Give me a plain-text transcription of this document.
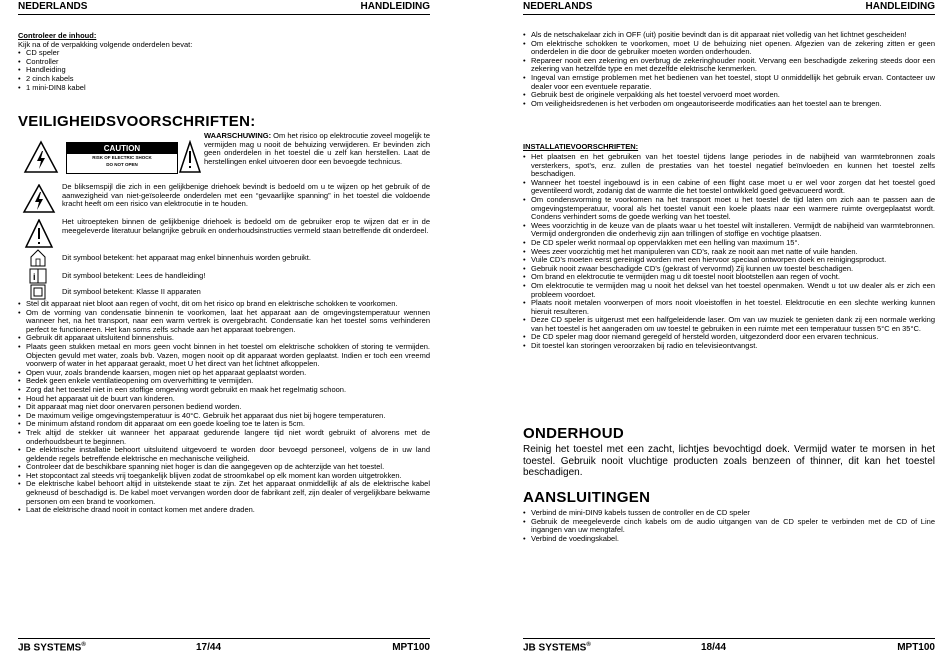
NEDERLANDS	HANDLEIDING
Controleer de inhoud:
Kijk na of de verpakking volgende onderdelen bevat:
• CD speler
• Controller
• Handleiding
• 2 cinch kabels
• 1 mini-DIN8 kabel
VEILIGHEIDSVOORSCHRIFTEN:
CAUTION
RISK OF ELECTRIC SHOCK
DO NOT OPEN
WAARSCHUWING: Om het risico op elektrocutie zoveel mogelijk te vermijden mag u nooit de behuizing verwijderen. Er bevinden zich geen onderdelen in het toestel die u zelf kan herstellen. Laat de herstellingen enkel uitvoeren door een bevoegde technicus.
De bliksemspijl die zich in een gelijkbenige driehoek bevindt is bedoeld om u te wijzen op het gebruik of de aanwezigheid van niet-geïsoleerde onderdelen met een “gevaarlijke spanning” in het toestel die voldoende kracht heeft om een risico van elektrocutie in te houden.
Het uitroepteken binnen de gelijkbenige driehoek is bedoeld om de gebruiker erop te wijzen dat er in de meegeleverde literatuur belangrijke gebruik en onderhoudsinstructies vermeld staan betreffende dit onderdeel.
Dit symbool betekent: het apparaat mag enkel binnenhuis worden gebruikt.
i	Dit symbool betekent: Lees de handleiding!
Dit symbool betekent: Klasse II apparaten
• Stel dit apparaat niet bloot aan regen of vocht, dit om het risico op brand en elektrische schokken te voorkomen.
• Om de vorming van condensatie binnenin te voorkomen, laat het apparaat aan de omgevingstemperatuur wennen wanneer het, na het transport, naar een warm vertrek is overgebracht. Condensatie kan het toestel soms verhinderen perfect te functioneren. Het kan soms zelfs schade aan het apparaat toebrengen.
• Gebruik dit apparaat uitsluitend binnenshuis.
• Plaats geen stukken metaal en mors geen vocht binnen in het toestel om elektrische schokken of storing te vermijden. Objecten gevuld met water, zoals bvb. Vazen, mogen nooit op dit apparaat worden geplaatst. Indien er toch een vreemd voorwerp of water in het apparaat geraakt, moet U het direct van het lichtnet afkoppelen.
• Open vuur, zoals brandende kaarsen, mogen niet op het apparaat geplaatst worden.
• Bedek geen enkele ventilatieopening om oververhitting te vermijden.
• Zorg dat het toestel niet in een stoffige omgeving wordt gebruikt en maak het regelmatig schoon.
• Houd het apparaat uit de buurt van kinderen.
• Dit apparaat mag niet door onervaren personen bediend worden.
• De maximum veilige omgevingstemperatuur is 40°C. Gebruik het apparaat dus niet bij hogere temperaturen.
• De minimum afstand rondom dit apparaat om een goede koeling toe te laten is 5cm.
• Trek altijd de stekker uit wanneer het apparaat gedurende langere tijd niet wordt gebruikt of alvorens met de onderhoudsbeurt te beginnen.
• De elektrische installatie behoort uitsluitend uitgevoerd te worden door bevoegd personeel, volgens de in uw land geldende regels betreffende elektrische en mechanische veiligheid.
• Controleer dat de beschikbare spanning niet hoger is dan die aangegeven op de achterzijde van het toestel.
• Het stopcontact zal steeds vrij toegankelijk blijven zodat de stroomkabel op elk moment kan worden uitgetrokken.
• De elektrische kabel behoort altijd in uitstekende staat te zijn. Zet het apparaat onmiddellijk af als de elektrische kabel gekneusd of beschadigd is. De kabel moet vervangen worden door de fabrikant zelf, zijn dealer of vergelijkbare bekwame personen om een brand te voorkomen.
• Laat de elektrische draad nooit in contact komen met andere draden.
JB SYSTEMS®	17/44	MPT100
NEDERLANDS	HANDLEIDING
• Als de netschakelaar zich in OFF (uit) positie bevindt dan is dit apparaat niet volledig van het lichtnet gescheiden!
• Om elektrische schokken te voorkomen, moet U de behuizing niet openen. Afgezien van de zekering zitten er geen onderdelen in die door de gebruiker moeten worden onderhouden.
• Repareer nooit een zekering en overbrug de zekeringhouder nooit. Vervang een beschadigde zekering steeds door een zekering van hetzelfde type en met dezelfde elektrische kenmerken.
• Ingeval van ernstige problemen met het bedienen van het toestel, stopt U onmiddellijk het gebruik ervan. Contacteer uw dealer voor een eventuele reparatie.
• Gebruik best de originele verpakking als het toestel vervoerd moet worden.
• Om veiligheidsredenen is het verboden om ongeautoriseerde modificaties aan het toestel aan te brengen.
INSTALLATIEVOORSCHRIFTEN:
• Het plaatsen en het gebruiken van het toestel tijdens lange periodes in de nabijheid van warmtebronnen zoals versterkers, spot’s, enz. zullen de prestaties van het toestel negatief beïnvloeden en kunnen het toestel zelfs beschadigen.
• Wanneer het toestel ingebouwd is in een cabine of een flight case moet u er wel voor zorgen dat het toestel goed geventileerd wordt, zodanig dat de warmte die het toestel ontwikkeld goed geëvacueerd wordt.
• Om condensvorming te voorkomen na het transport moet u het toestel de tijd laten om zich aan te passen aan de omgevingstemperatuur, vooral als het toestel vanuit een koele plaats naar een warmere ruimte overgeplaatst wordt. Condens verhindert soms de goede werking van het toestel.
• Wees voorzichtig in de keuze van de plaats waar u het toestel wilt installeren. Vermijdt de nabijheid van warmtebronnen. Vermijd ondergronden die onderhevig zijn aan trillingen of stoffige en vochtige plaatsen.
• De CD speler werkt normaal op oppervlakken met een helling van maximum 15°.
• Wees zeer voorzichtig met het manipuleren van CD’s, raak ze nooit aan met natte of vuile handen.
• Vuile CD’s moeten eerst gereinigd worden met een hiervoor speciaal ontworpen doek en reinigingsproduct.
• Gebruik nooit zwaar beschadigde CD’s (gekrast of vervormd) Zij kunnen uw toestel beschadigen.
• Om brand en elektrocutie te vermijden mag u dit toestel nooit blootstellen aan regen of vocht.
• Om elektrocutie te vermijden mag u nooit het deksel van het toestel openmaken. Wendt u tot uw dealer als er zich een probleem voordoet.
• Plaats nooit metalen voorwerpen of mors nooit vloeistoffen in het toestel. Elektrocutie en een slechte werking kunnen hieruit resulteren.
• Deze CD speler is uitgerust met een halfgeleidende laser. Om van uw muziek te genieten dank zij een normale werking van het toestel is het aangeraden om uw toestel te gebruiken in een ruimte met een temperatuur tussen 5°C en 35°C.
• De CD speler mag door niemand geregeld of hersteld worden, uitgezonderd door een ervaren technicus.
• Dit toestel kan storingen veroorzaken bij radio en televisieontvangst.
ONDERHOUD
Reinig het toestel met een zacht, lichtjes bevochtigd doek. Vermijd water te morsen in het toestel. Gebruik nooit vluchtige producten zoals benzeen of thinner, dit kan het toestel beschadigen.
AANSLUITINGEN
• Verbind de mini-DIN9 kabels tussen de controller en de CD speler
• Gebruik de meegeleverde cinch kabels om de audio uitgangen van de CD speler te verbinden met de CD of Line ingangen van uw mengtafel.
• Verbind de voedingskabel.
JB SYSTEMS®	18/44	MPT100
